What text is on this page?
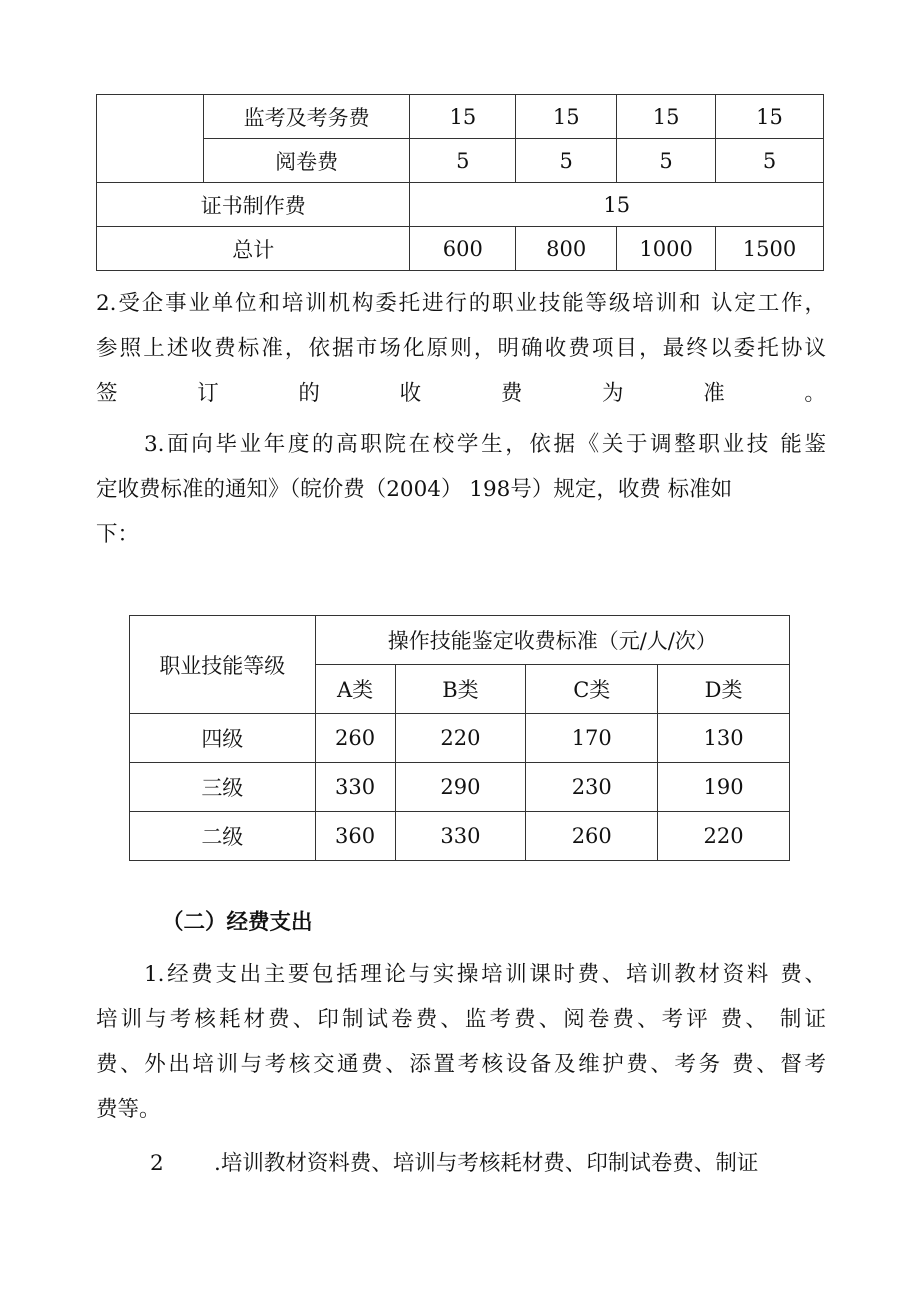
	监考及考务费	15	15	15	15
	阅卷费	5	5	5	5
证书制作费		15			
总计		600	800	1000	1500

2.受企事业单位和培训机构委托进行的职业技能等级培训和 认定工作，

参照上述收费标准，依据市场化原则，明确收费项目，最终以委托协议

签 订 的 收 费 为 准 。

3.面向毕业年度的高职院在校学生，依据《关于调整职业技 能鉴

定收费标准的通知》（皖价费（2004） 198号）规定，收费 标准如

下：

职业技能等级	操作技能鉴定收费标准（元/人/次）			
	A类	B类	C类	D类
四级	260	220	170	130
三级	330	290	230	190
二级	360	330	260	220

（二）经费支出

1.经费支出主要包括理论与实操培训课时费、培训教材资料 费、

培训与考核耗材费、印制试卷费、监考费、阅卷费、考评 费、 制证

费、外出培训与考核交通费、添置考核设备及维护费、考务 费、督考

费等。

2 .培训教材资料费、培训与考核耗材费、印制试卷费、制证
